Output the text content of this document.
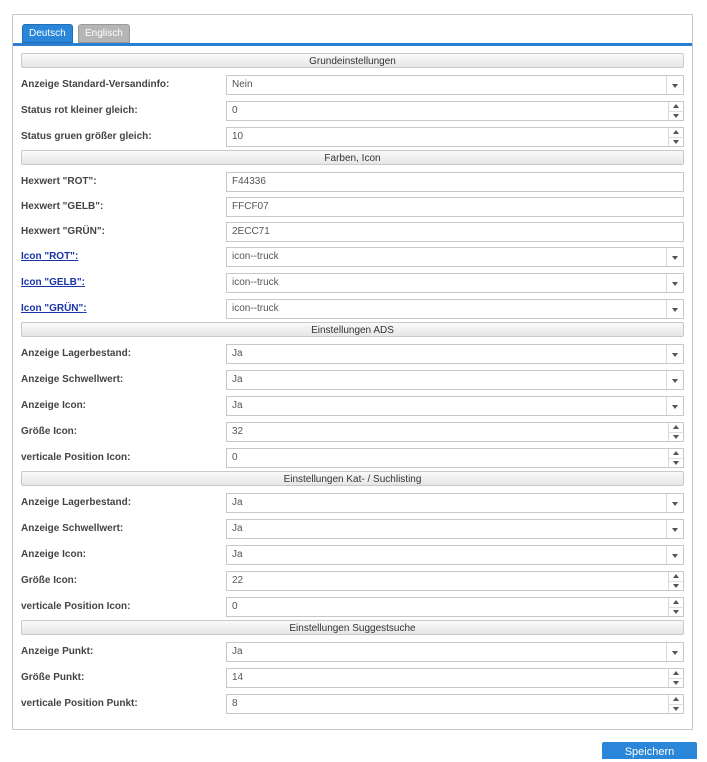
Deutsch	Englisch
Grundeinstellungen
Anzeige Standard-Versandinfo:	Nein
Status rot kleiner gleich:	0
Status gruen größer gleich:	10
Farben, Icon
Hexwert "ROT":	F44336
Hexwert "GELB":	FFCF07
Hexwert "GRÜN":	2ECC71
Icon "ROT":	icon--truck
Icon "GELB":	icon--truck
Icon "GRÜN":	icon--truck
Einstellungen ADS
Anzeige Lagerbestand:	Ja
Anzeige Schwellwert:	Ja
Anzeige Icon:	Ja
Größe Icon:	32
verticale Position Icon:	0
Einstellungen Kat- / Suchlisting
Anzeige Lagerbestand:	Ja
Anzeige Schwellwert:	Ja
Anzeige Icon:	Ja
Größe Icon:	22
verticale Position Icon:	0
Einstellungen Suggestsuche
Anzeige Punkt:	Ja
Größe Punkt:	14
verticale Position Punkt:	8
Speichern
